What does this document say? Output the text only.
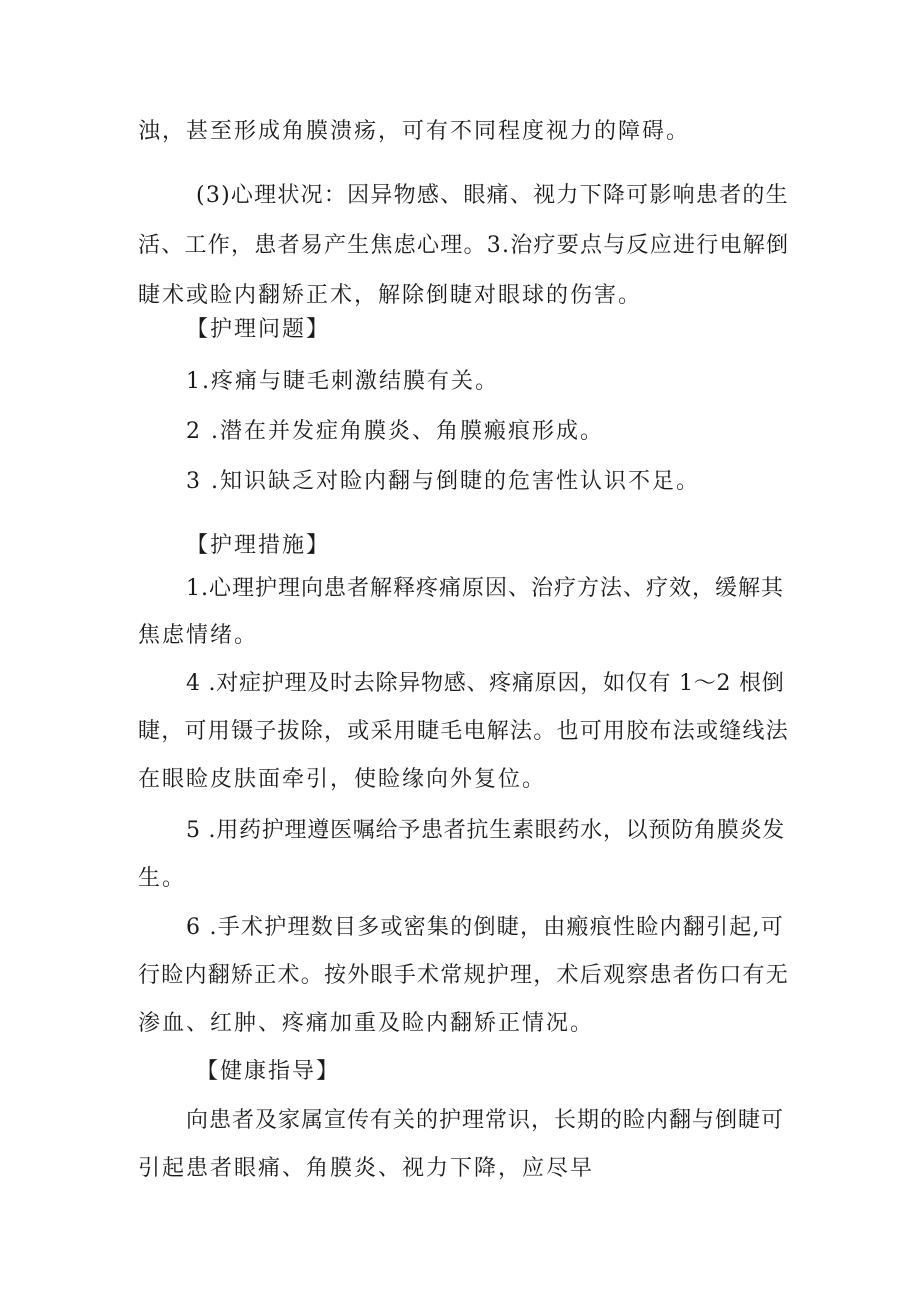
浊，甚至形成角膜溃疡，可有不同程度视力的障碍。
(3)心理状况：因异物感、眼痛、视力下降可影响患者的生
活、工作，患者易产生焦虑心理。3.治疗要点与反应进行电解倒
睫术或睑内翻矫正术，解除倒睫对眼球的伤害。
【护理问题】
1.疼痛与睫毛刺激结膜有关。
2 .潜在并发症角膜炎、角膜瘢痕形成。
3 .知识缺乏对睑内翻与倒睫的危害性认识不足。
【护理措施】
1.心理护理向患者解释疼痛原因、治疗方法、疗效，缓解其
焦虑情绪。
4 .对症护理及时去除异物感、疼痛原因，如仅有 1～2 根倒
睫，可用镊子拔除，或采用睫毛电解法。也可用胶布法或缝线法
在眼睑皮肤面牵引，使睑缘向外复位。
5 .用药护理遵医嘱给予患者抗生素眼药水，以预防角膜炎发
生。
6 .手术护理数目多或密集的倒睫，由瘢痕性睑内翻引起,可
行睑内翻矫正术。按外眼手术常规护理，术后观察患者伤口有无
渗血、红肿、疼痛加重及睑内翻矫正情况。
【健康指导】
向患者及家属宣传有关的护理常识，长期的睑内翻与倒睫可
引起患者眼痛、角膜炎、视力下降，应尽早
